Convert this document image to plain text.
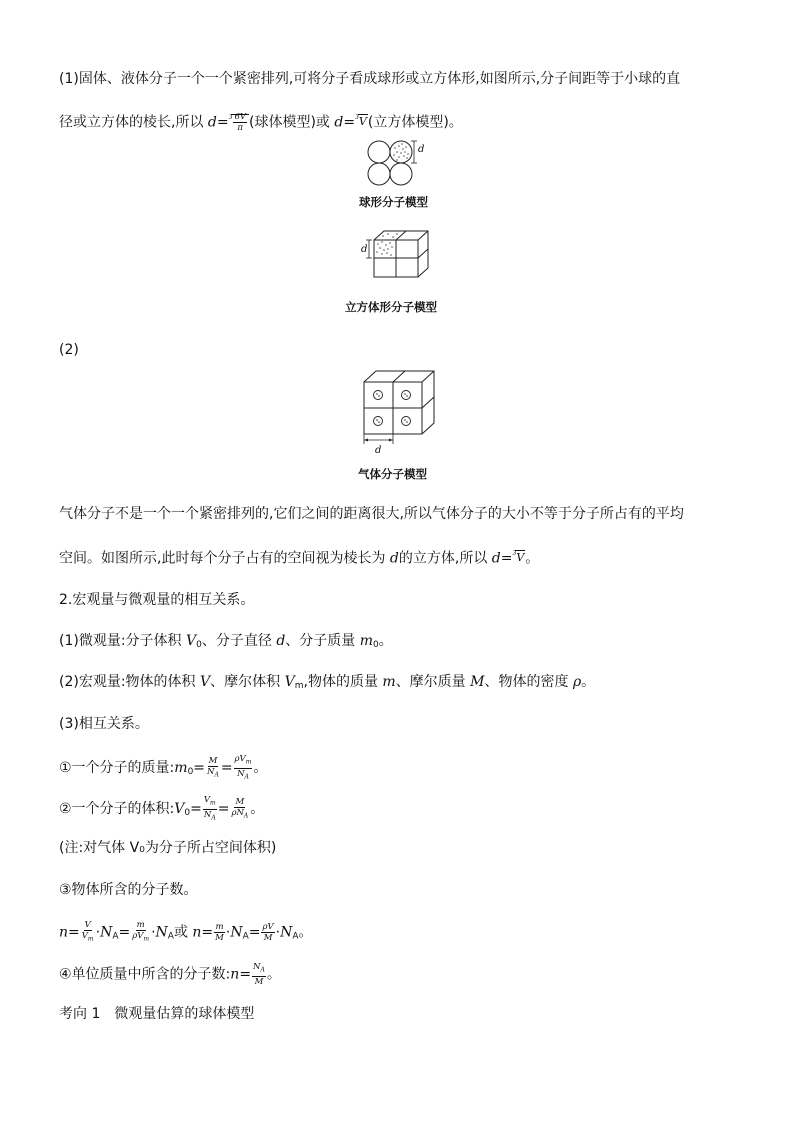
(1)固体、液体分子一个一个紧密排列,可将分子看成球形或立方体形,如图所示,分子间距等于小球的直
径或立方体的棱长,所以 $d=^3 \frac{6V}{\pi}$ (球体模型)或 d=$^3$V(立方体模型)。
d
球形分子模型
d
立方体形分子模型
(2)
d
气体分子模型
气体分子不是一个一个紧密排列的,它们之间的距离很大,所以气体分子的大小不等于分子所占有的平均
空间。如图所示,此时每个分子占有的空间视为棱长为 d的立方体,所以 d=$^3$V。
2.宏观量与微观量的相互关系。
(1)微观量:分子体积 $V_0$、分子直径 d、分子质量 $m_0$。
(2)宏观量:物体的体积 V、摩尔体积 $V_m$,物体的质量 m、摩尔质量 M、物体的密度 ρ。
(3)相互关系。
①一个分子的质量$:m_0= \frac{M}{N_A} = \frac{\rho V_m}{N_A}$ 。
②一个分子的体积$:V_0= \frac{V_m}{N_A} = \frac{M}{\rho N_A}$ 。
(注:对气体 V₀为分子所占空间体积)
③物体所含的分子数。
$n= \frac{V}{V_m} \cdot N_A= \frac{m}{\rho V_m} \cdot N_A$或 $n= \frac{m}{M} \cdot N_A= \frac{\rho V}{M} \cdot N_A$。
④单位质量中所含的分子数:n= $\frac{N_A}{M}$ 。
考向 1　微观量估算的球体模型
